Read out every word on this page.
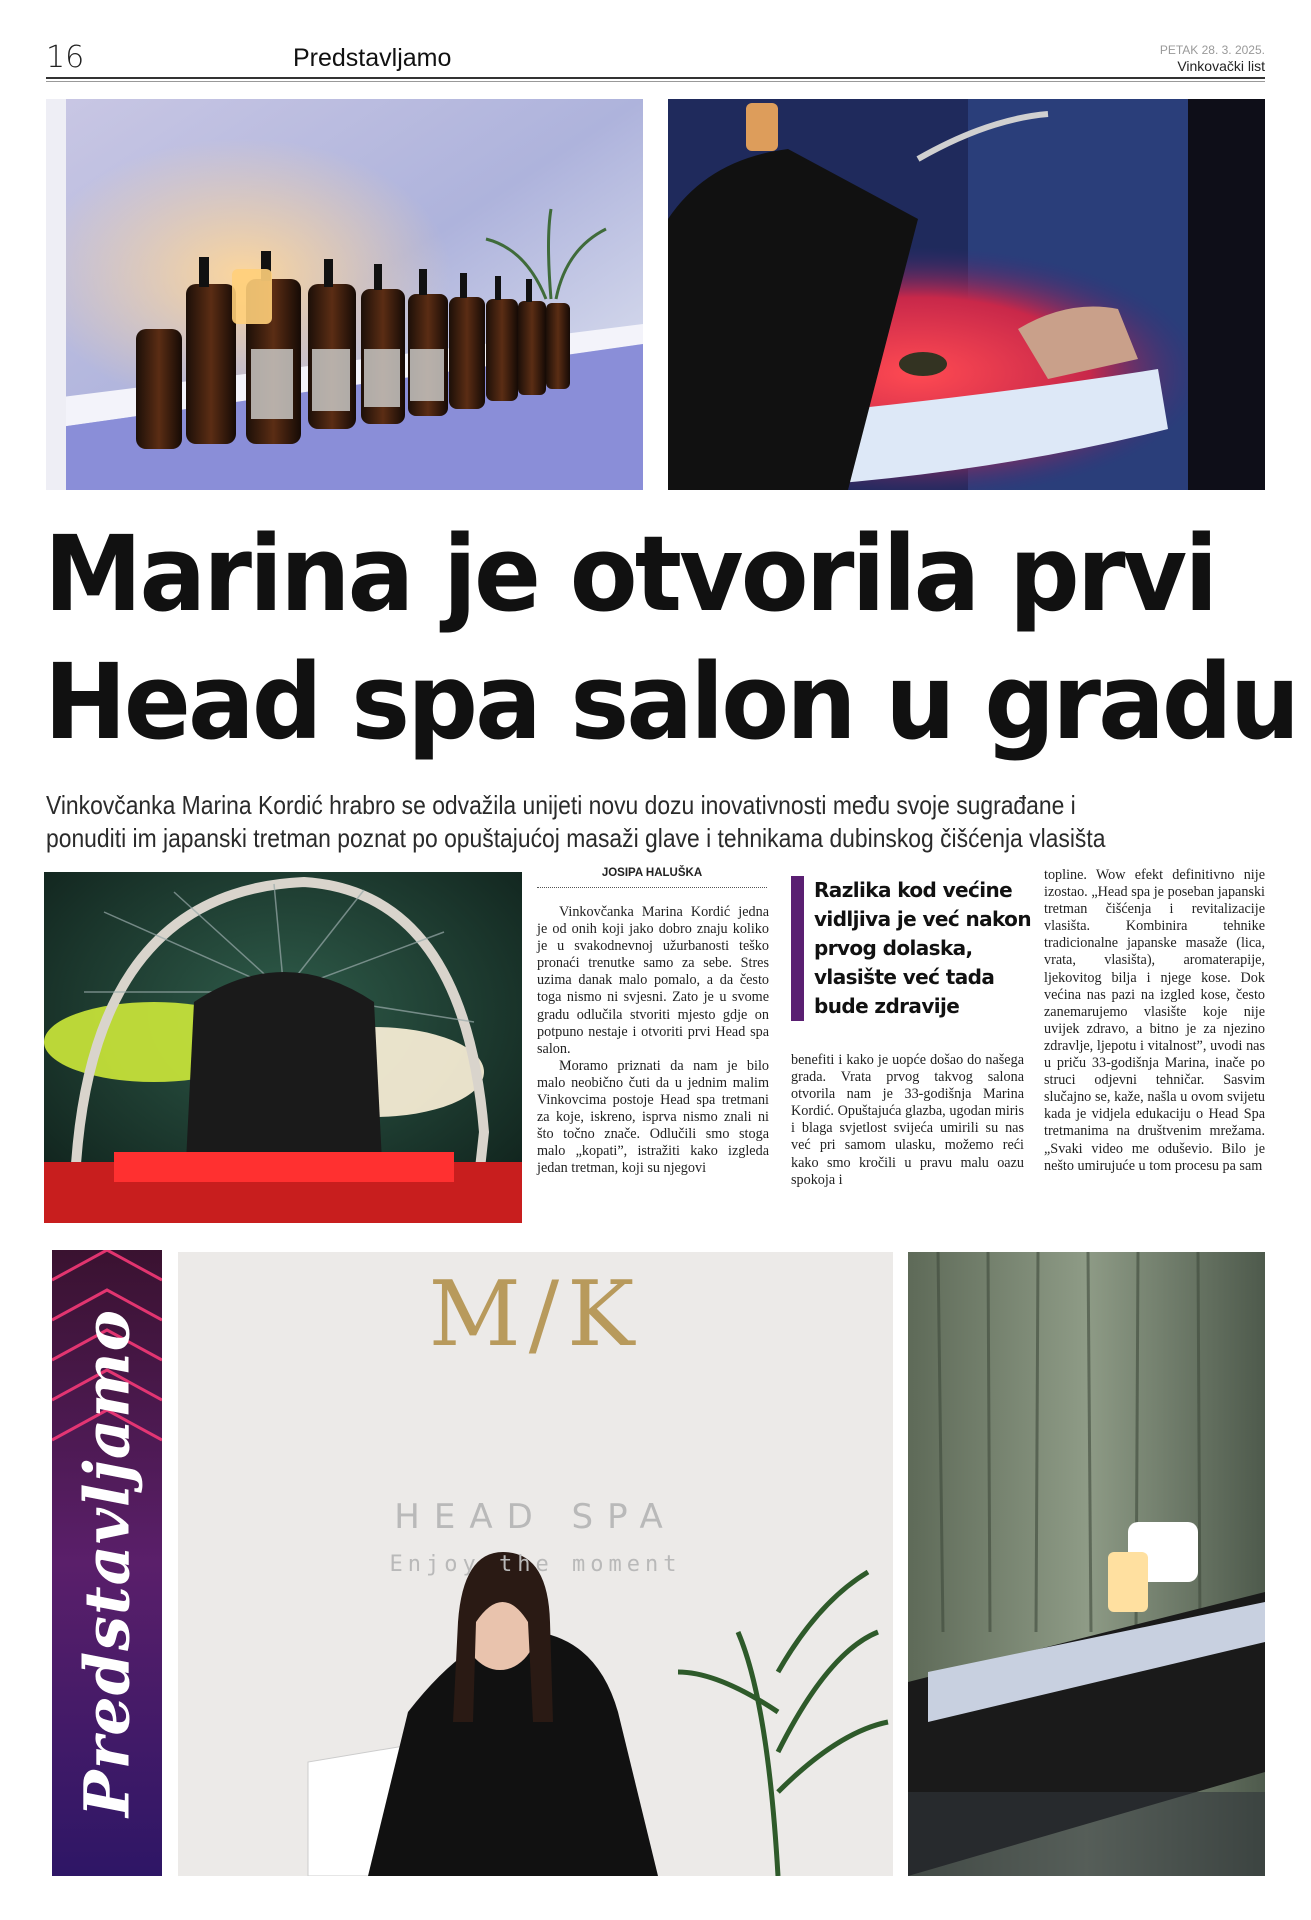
16	Predstavljamo	PETAK 28. 3. 2025.
Vinkovački list
Marina je otvorila prvi
Head spa salon u gradu
Vinkovčanka Marina Kordić hrabro se odvažila unijeti novu dozu inovativnosti među svoje sugrađane i
ponuditi im japanski tretman poznat po opuštajućoj masaži glave i tehnikama dubinskog čišćenja vlasišta
JOSIPA HALUŠKA

Vinkovčanka Marina Kordić jedna je od onih koji jako dobro znaju koliko je u svakodnevnoj užurbanosti teško pronaći trenutke samo za sebe. Stres uzima danak malo pomalo, a da često toga nismo ni svjesni. Zato je u svome gradu odlučila stvoriti mjesto gdje on potpuno nestaje i otvoriti prvi Head spa salon.

Moramo priznati da nam je bilo malo neobično čuti da u jednim malim Vinkovcima postoje Head spa tretmani za koje, iskreno, isprva nismo znali ni što točno znače. Odlučili smo stoga malo „kopati”, istražiti kako izgleda jedan tretman, koji su njegovi

Razlika kod većine vidljiva je već nakon prvog dolaska, vlasište već tada bude zdravije

benefiti i kako je uopće došao do našega grada. Vrata prvog takvog salona otvorila nam je 33-godišnja Marina Kordić. Opuštajuća glazba, ugodan miris i blaga svjetlost svijeća umirili su nas već pri samom ulasku, možemo reći kako smo kročili u pravu malu oazu spokoja i

topline. Wow efekt definitivno nije izostao. „Head spa je poseban japanski tretman čišćenja i revitalizacije vlasišta. Kombinira tehnike tradicionalne japanske masaže (lica, vrata, vlasišta), aromaterapije, ljekovitog bilja i njege kose. Dok većina nas pazi na izgled kose, često zanemarujemo vlasište koje nije uvijek zdravo, a bitno je za njezino zdravlje, ljepotu i vitalnost”, uvodi nas u priču 33-godišnja Marina, inače po struci odjevni tehničar. Sasvim slučajno se, kaže, našla u ovom svijetu kada je vidjela edukaciju o Head Spa tretmanima na društvenim mrežama. „Svaki video me oduševio. Bilo je nešto umirujuće u tom procesu pa sam

Predstavljamo	M/K
HEAD SPA
Enjoy the moment
